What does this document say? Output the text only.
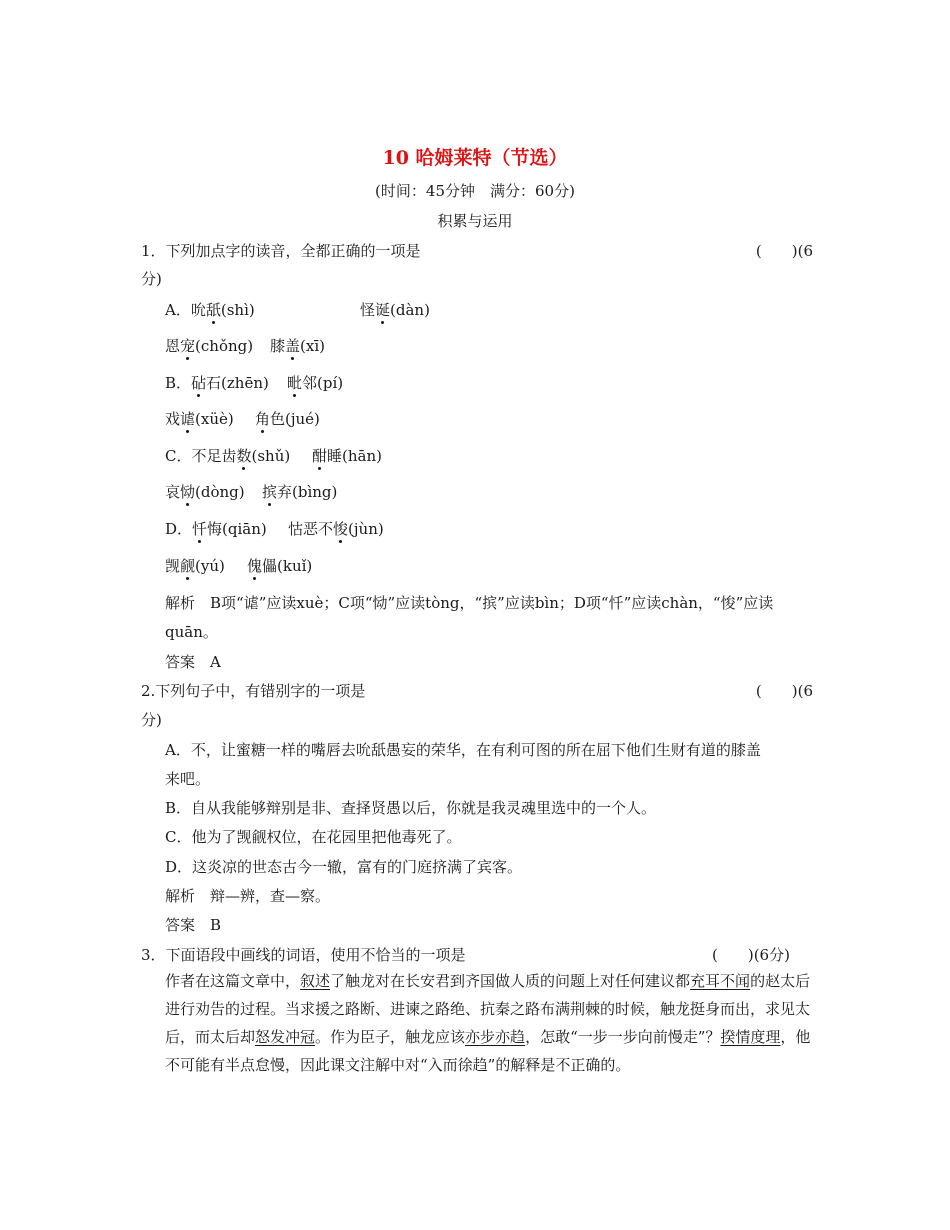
10 哈姆莱特（节选）
(时间：45分钟　满分：60分)
积累与运用
1．下列加点字的读音，全都正确的一项是	(　　)(6
分)
A．吮舐(shì)	怪诞(dàn)
恩宠(chǒng) 膝盖(xī)
B．砧石(zhēn) 毗邻(pí)
戏谑(xüè) 角色(jué)
C．不足齿数(shǔ) 酣睡(hān)
哀恸(dòng) 摈弃(bìng)
D．忏悔(qiān) 怙恶不悛(jùn)
觊觎(yú) 傀儡(kuǐ)
解析　B项“谑”应读xuè；C项“恸”应读tòng，“摈”应读bìn；D项“忏”应读chàn，“悛”应读
quān。
答案　A
2.下列句子中，有错别字的一项是	(　　)(6
分)
A．不，让蜜糖一样的嘴唇去吮舐愚妄的荣华，在有利可图的所在屈下他们生财有道的膝盖
来吧。
B．自从我能够辩别是非、查择贤愚以后，你就是我灵魂里选中的一个人。
C．他为了觊觎权位，在花园里把他毒死了。
D．这炎凉的世态古今一辙，富有的门庭挤满了宾客。
解析　辩—辨，查—察。
答案　B
3．下面语段中画线的词语，使用不恰当的一项是	(　　)(6分)
作者在这篇文章中，叙述了触龙对在长安君到齐国做人质的问题上对任何建议都充耳不闻的赵太后进行劝告的过程。当求援之路断、进谏之路绝、抗秦之路布满荆棘的时候，触龙挺身而出，求见太后，而太后却怒发冲冠。作为臣子，触龙应该亦步亦趋，怎敢“一步一步向前慢走”？揆情度理，他不可能有半点怠慢，因此课文注解中对“入而徐趋”的解释是不正确的。
